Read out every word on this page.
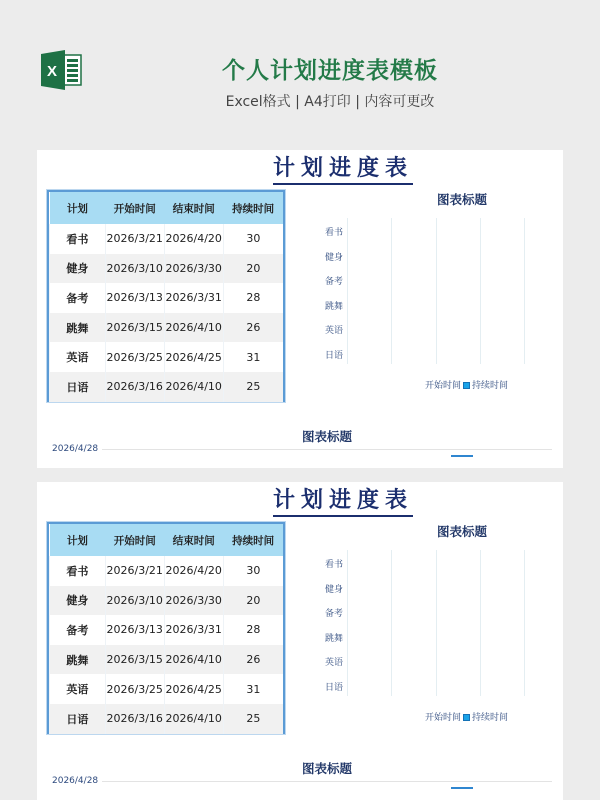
X	个人计划进度表模板
Excel格式 | A4打印 | 内容可更改
计划进度表
计划	开始时间	结束时间	持续时间
看书	2026/3/21	2026/4/20	30
健身	2026/3/10	2026/3/30	20
备考	2026/3/13	2026/3/31	28
跳舞	2026/3/15	2026/4/10	26
英语	2026/3/25	2026/4/25	31
日语	2026/3/16	2026/4/10	25
图表标题
看书
健身
备考
跳舞
英语
日语
开始时间 持续时间
图表标题
2026/4/28
计划进度表
计划	开始时间	结束时间	持续时间
看书	2026/3/21	2026/4/20	30
健身	2026/3/10	2026/3/30	20
备考	2026/3/13	2026/3/31	28
跳舞	2026/3/15	2026/4/10	26
英语	2026/3/25	2026/4/25	31
日语	2026/3/16	2026/4/10	25
图表标题
看书
健身
备考
跳舞
英语
日语
开始时间 持续时间
图表标题
2026/4/28
